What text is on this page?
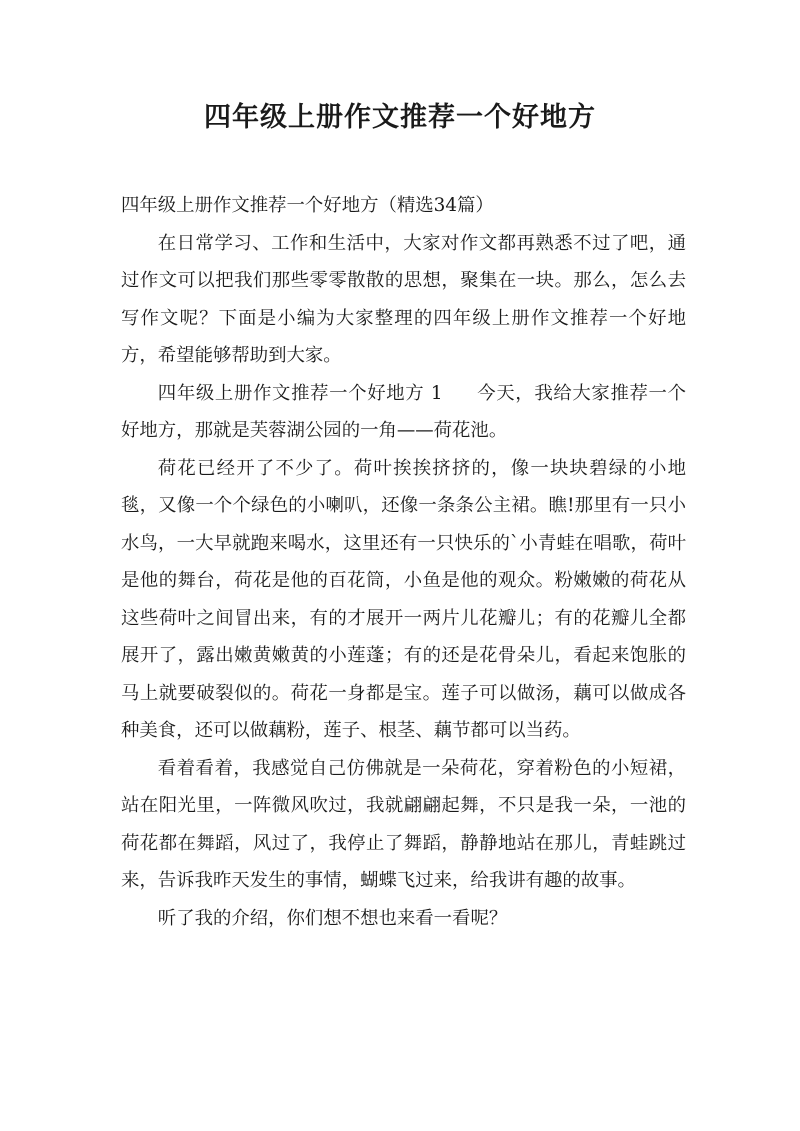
四年级上册作文推荐一个好地方

四年级上册作文推荐一个好地方（精选34篇）

在日常学习、工作和生活中，大家对作文都再熟悉不过了吧，通过作文可以把我们那些零零散散的思想，聚集在一块。那么，怎么去写作文呢？下面是小编为大家整理的四年级上册作文推荐一个好地方，希望能够帮助到大家。

四年级上册作文推荐一个好地方 1 今天，我给大家推荐一个好地方，那就是芙蓉湖公园的一角——荷花池。

荷花已经开了不少了。荷叶挨挨挤挤的，像一块块碧绿的小地毯，又像一个个绿色的小喇叭，还像一条条公主裙。瞧!那里有一只小水鸟，一大早就跑来喝水，这里还有一只快乐的`小青蛙在唱歌，荷叶是他的舞台，荷花是他的百花筒，小鱼是他的观众。粉嫩嫩的荷花从这些荷叶之间冒出来，有的才展开一两片儿花瓣儿；有的花瓣儿全都展开了，露出嫩黄嫩黄的小莲蓬；有的还是花骨朵儿，看起来饱胀的马上就要破裂似的。荷花一身都是宝。莲子可以做汤，藕可以做成各种美食，还可以做藕粉，莲子、根茎、藕节都可以当药。

看着看着，我感觉自己仿佛就是一朵荷花，穿着粉色的小短裙，站在阳光里，一阵微风吹过，我就翩翩起舞，不只是我一朵，一池的荷花都在舞蹈，风过了，我停止了舞蹈，静静地站在那儿，青蛙跳过来，告诉我昨天发生的事情，蝴蝶飞过来，给我讲有趣的故事。

听了我的介绍，你们想不想也来看一看呢？
